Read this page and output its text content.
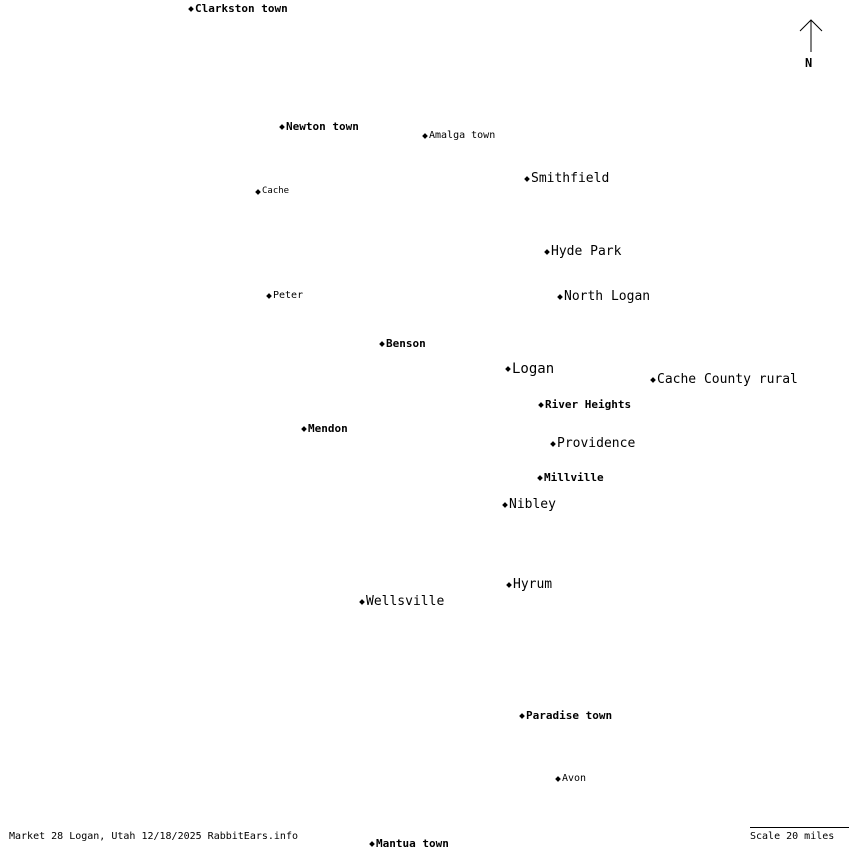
N
Clarkston town
Newton town
Amalga town
Smithfield
Cache
Hyde Park
Peter	North Logan
Benson
Logan
Cache County rural
River Heights
Mendon
Providence
Millville
Nibley
Hyrum
Wellsville
Paradise town
Avon
Mantua town
Market 28 Logan, Utah 12/18/2025 RabbitEars.info	Scale 20 miles
